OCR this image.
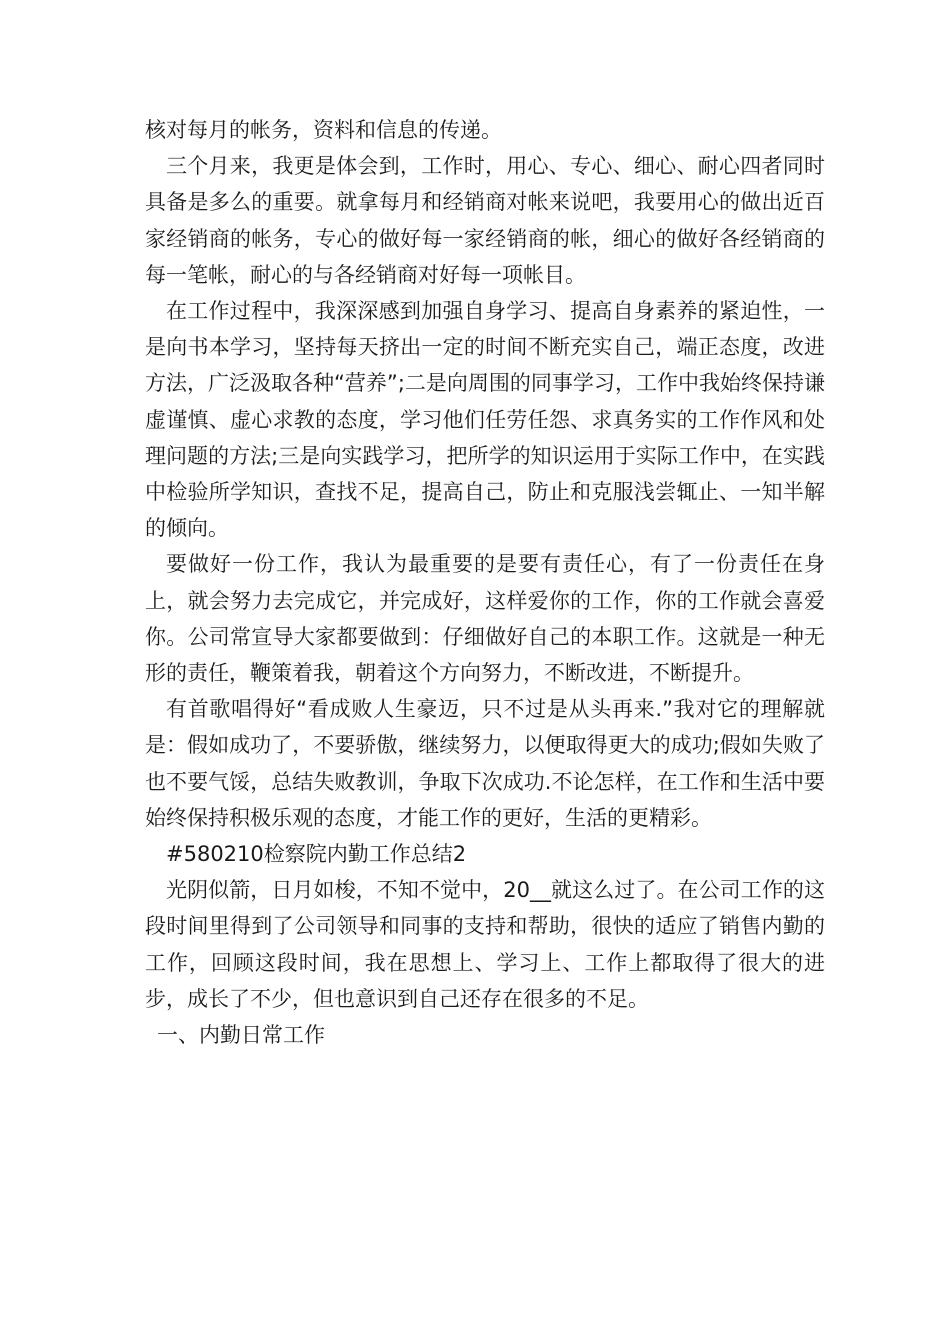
核对每月的帐务，资料和信息的传递。

三个月来，我更是体会到，工作时，用心、专心、细心、耐心四者同时具备是多么的重要。就拿每月和经销商对帐来说吧，我要用心的做出近百家经销商的帐务，专心的做好每一家经销商的帐，细心的做好各经销商的每一笔帐，耐心的与各经销商对好每一项帐目。

在工作过程中，我深深感到加强自身学习、提高自身素养的紧迫性，一是向书本学习，坚持每天挤出一定的时间不断充实自己，端正态度，改进方法，广泛汲取各种“营养”;二是向周围的同事学习，工作中我始终保持谦虚谨慎、虚心求教的态度，学习他们任劳任怨、求真务实的工作作风和处理问题的方法;三是向实践学习，把所学的知识运用于实际工作中，在实践中检验所学知识，查找不足，提高自己，防止和克服浅尝辄止、一知半解的倾向。

要做好一份工作，我认为最重要的是要有责任心，有了一份责任在身上，就会努力去完成它，并完成好，这样爱你的工作，你的工作就会喜爱你。公司常宣导大家都要做到：仔细做好自己的本职工作。这就是一种无形的责任，鞭策着我，朝着这个方向努力，不断改进，不断提升。

有首歌唱得好“看成败人生豪迈，只不过是从头再来.”我对它的理解就是：假如成功了，不要骄傲，继续努力，以便取得更大的成功;假如失败了也不要气馁，总结失败教训，争取下次成功.不论怎样，在工作和生活中要始终保持积极乐观的态度，才能工作的更好，生活的更精彩。

#580210检察院内勤工作总结2

光阴似箭，日月如梭，不知不觉中，20__就这么过了。在公司工作的这段时间里得到了公司领导和同事的支持和帮助，很快的适应了销售内勤的工作，回顾这段时间，我在思想上、学习上、工作上都取得了很大的进步，成长了不少，但也意识到自己还存在很多的不足。

一、内勤日常工作
